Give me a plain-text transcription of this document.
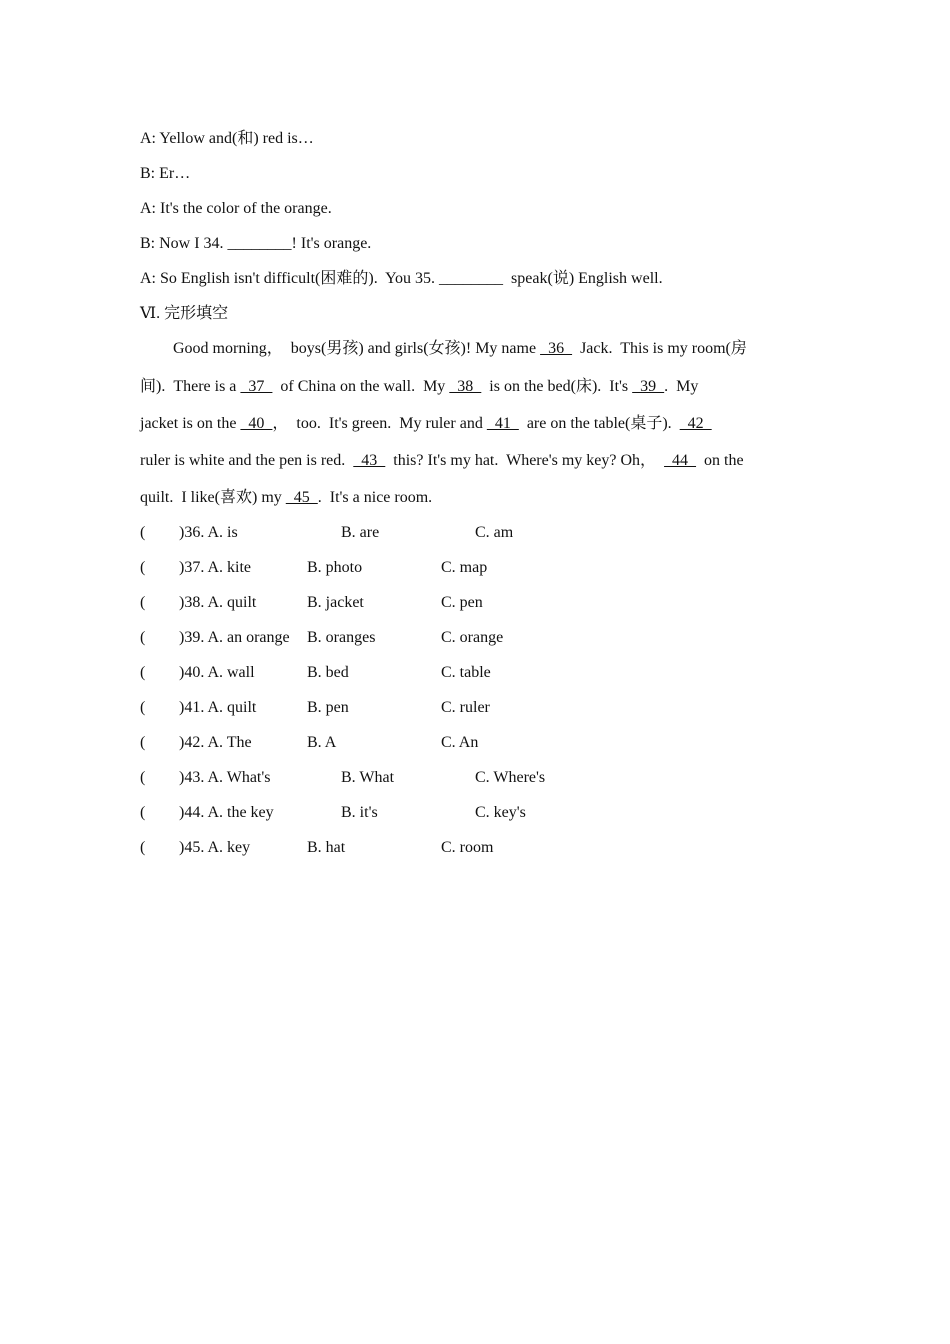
A: Yellow and(和) red is…
B: Er…
A: It's the color of the orange.
B: Now I 34. ________! It's orange.
A: So English isn't difficult(困难的).  You 35. ________  speak(说) English well.
Ⅵ. 完形填空
Good morning，  boys(男孩) and girls(女孩)! My name   36    Jack.  This is my room(房
间).  There is a   37    of China on the wall.  My   38    is on the bed(床).  It's   39  .  My
jacket is on the   40  ，  too.  It's green.  My ruler and   41    are on the table(桌子).    42
ruler is white and the pen is red.    43    this? It's my hat.  Where's my key? Oh，    44    on the
quilt.  I like(喜欢) my   45  .  It's a nice room.
( )36. A. is	B. are	C. am
( )37. A. kite	B. photo	C. map
( )38. A. quilt	B. jacket	C. pen
( )39. A. an orange B. oranges	C. orange
( )40. A. wall	B. bed	C. table
( )41. A. quilt	B. pen	C. ruler
( )42. A. The	B. A	C. An
( )43. A. What's	B. What	C. Where's
( )44. A. the key	B. it's	C. key's
( )45. A. key	B. hat	C. room
